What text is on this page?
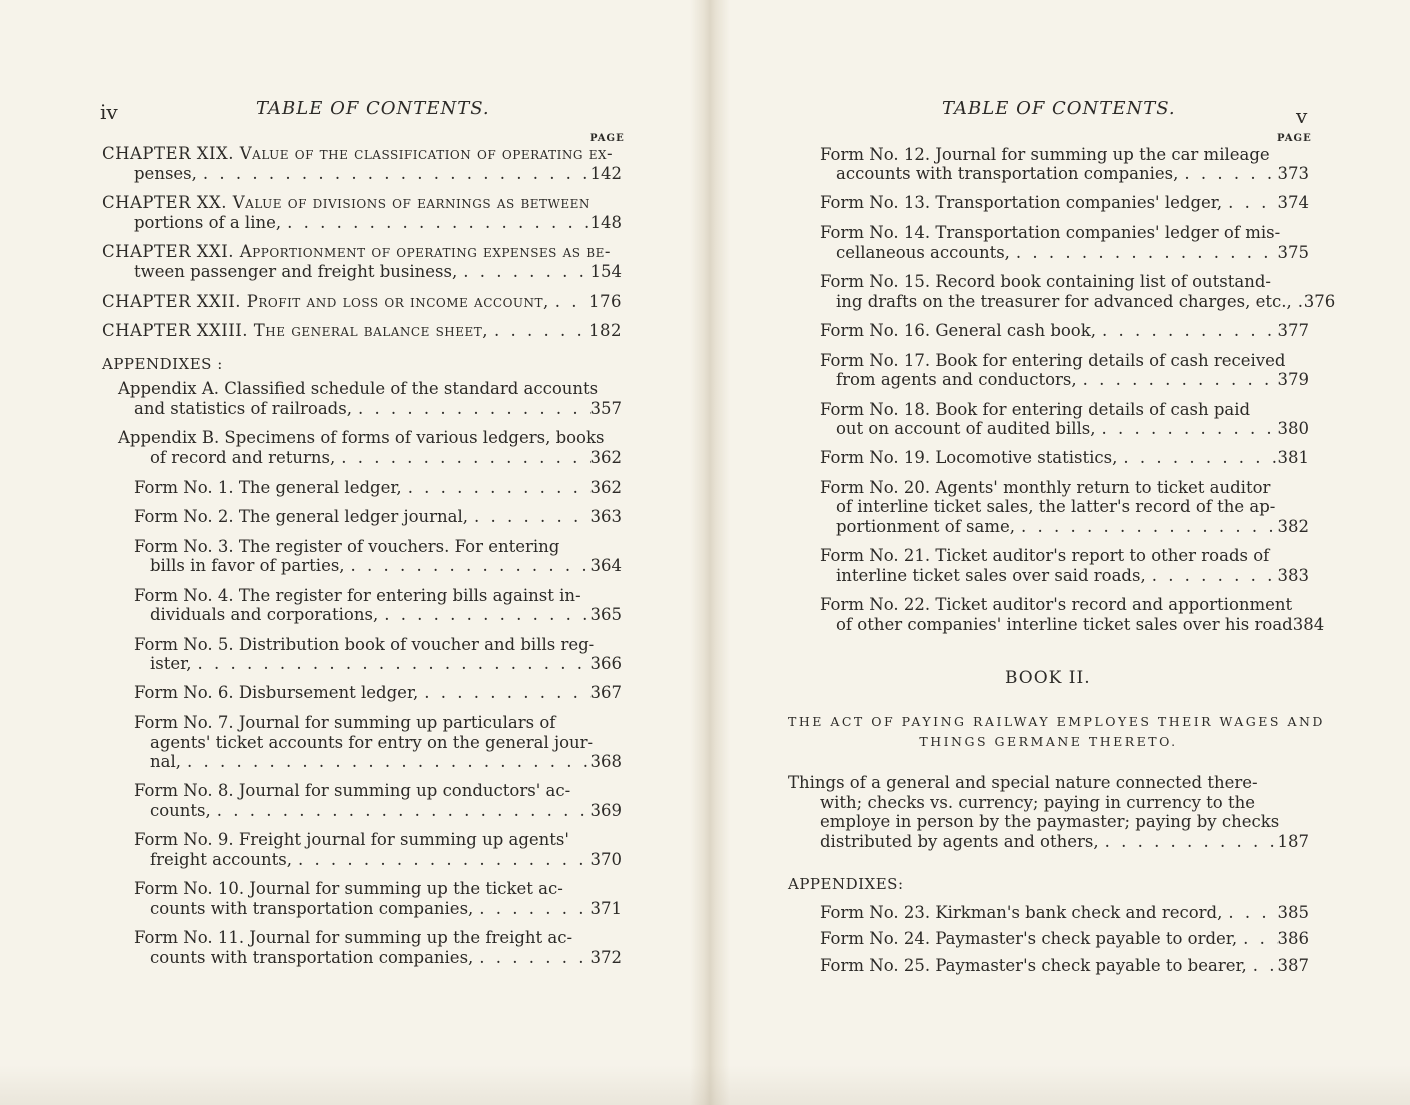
iv	TABLE OF CONTENTS.
PAGE
TABLE OF CONTENTS.	v
PAGE
CHAPTER XIX. Value of the classification of operating ex-
penses, . . .	142
CHAPTER XX. Value of divisions of earnings as between
portions of a line, . . .	148
CHAPTER XXI. Apportionment of operating expenses as be-
tween passenger and freight business, . . .	154
CHAPTER XXII. Profit and loss or income account, . . . 176
CHAPTER XXIII. The general balance sheet, . . .	182
APPENDIXES :
Appendix A. Classified schedule of the standard accounts
and statistics of railroads, . . .	357
Appendix B. Specimens of forms of various ledgers, books
of record and returns, . . .	362
Form No. 1. The general ledger, . . .	362
Form No. 2. The general ledger journal, . . .	363
Form No. 3. The register of vouchers. For entering
bills in favor of parties, . . .	364
Form No. 4. The register for entering bills against in-
dividuals and corporations, . . .	365
Form No. 5. Distribution book of voucher and bills reg-
ister, . . .	366
Form No. 6. Disbursement ledger, . . .	367
Form No. 7. Journal for summing up particulars of
agents' ticket accounts for entry on the general jour-
nal, . . .	368
Form No. 8. Journal for summing up conductors' ac-
counts, . . .	369
Form No. 9. Freight journal for summing up agents'
freight accounts, . . .	370
Form No. 10. Journal for summing up the ticket ac-
counts with transportation companies, . . .	371
Form No. 11. Journal for summing up the freight ac-
counts with transportation companies, . . .	372
Form No. 12. Journal for summing up the car mileage
accounts with transportation companies, . . .	373
Form No. 13. Transportation companies' ledger, . . .	374
Form No. 14. Transportation companies' ledger of mis-
cellaneous accounts, . . .	375
Form No. 15. Record book containing list of outstand-
ing drafts on the treasurer for advanced charges, etc., . . . 376
Form No. 16. General cash book, . . .	377
Form No. 17. Book for entering details of cash received
from agents and conductors, . . .	379
Form No. 18. Book for entering details of cash paid
out on account of audited bills, . . .	380
Form No. 19. Locomotive statistics, . . .	381
Form No. 20. Agents' monthly return to ticket auditor
of interline ticket sales, the latter's record of the ap-
portionment of same, . . .	382
Form No. 21. Ticket auditor's report to other roads of
interline ticket sales over said roads, . . .	383
Form No. 22. Ticket auditor's record and apportionment
of other companies' interline ticket sales over his road 384
BOOK II.
THE ACT OF PAYING RAILWAY EMPLOYES THEIR WAGES AND
THINGS GERMANE THERETO.
Things of a general and special nature connected there-
with; checks vs. currency; paying in currency to the
employe in person by the paymaster; paying by checks
distributed by agents and others, . . .	187
APPENDIXES:
Form No. 23. Kirkman's bank check and record, . . .	385
Form No. 24. Paymaster's check payable to order, . . . 386
Form No. 25. Paymaster's check payable to bearer, . . . 387
